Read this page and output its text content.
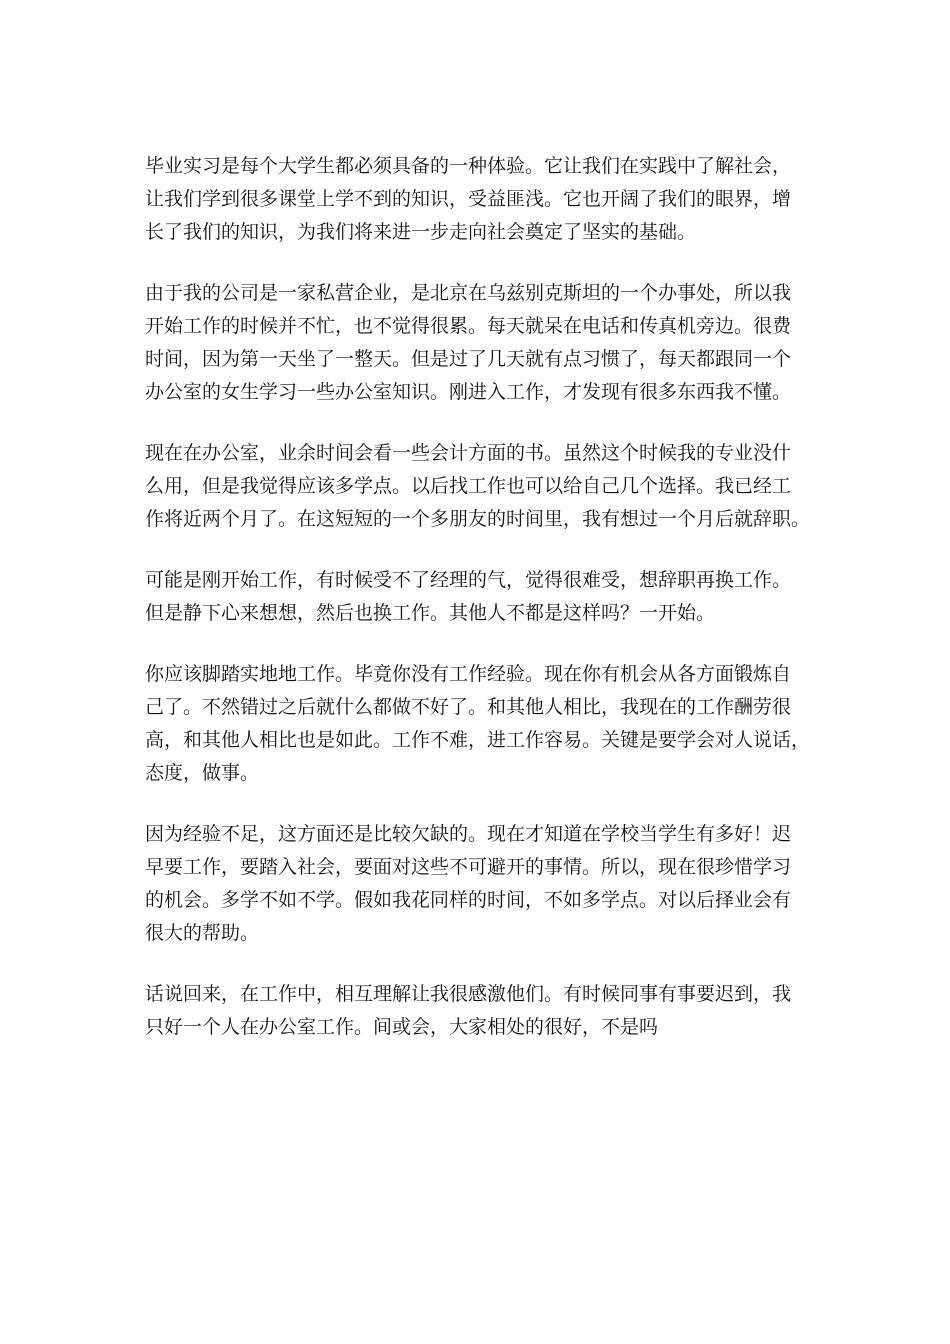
毕业实习是每个大学生都必须具备的一种体验。它让我们在实践中了解社会，
让我们学到很多课堂上学不到的知识，受益匪浅。它也开阔了我们的眼界，增
长了我们的知识，为我们将来进一步走向社会奠定了坚实的基础。

由于我的公司是一家私营企业，是北京在乌兹别克斯坦的一个办事处，所以我
开始工作的时候并不忙，也不觉得很累。每天就呆在电话和传真机旁边。很费
时间，因为第一天坐了一整天。但是过了几天就有点习惯了，每天都跟同一个
办公室的女生学习一些办公室知识。刚进入工作，才发现有很多东西我不懂。

现在在办公室，业余时间会看一些会计方面的书。虽然这个时候我的专业没什
么用，但是我觉得应该多学点。以后找工作也可以给自己几个选择。我已经工
作将近两个月了。在这短短的一个多朋友的时间里，我有想过一个月后就辞职。

可能是刚开始工作，有时候受不了经理的气，觉得很难受，想辞职再换工作。
但是静下心来想想，然后也换工作。其他人不都是这样吗？一开始。

你应该脚踏实地地工作。毕竟你没有工作经验。现在你有机会从各方面锻炼自
己了。不然错过之后就什么都做不好了。和其他人相比，我现在的工作酬劳很
高，和其他人相比也是如此。工作不难，进工作容易。关键是要学会对人说话，
态度，做事。

因为经验不足，这方面还是比较欠缺的。现在才知道在学校当学生有多好！迟
早要工作，要踏入社会，要面对这些不可避开的事情。所以，现在很珍惜学习
的机会。多学不如不学。假如我花同样的时间，不如多学点。对以后择业会有
很大的帮助。

话说回来，在工作中，相互理解让我很感激他们。有时候同事有事要迟到，我
只好一个人在办公室工作。间或会，大家相处的很好，不是吗
